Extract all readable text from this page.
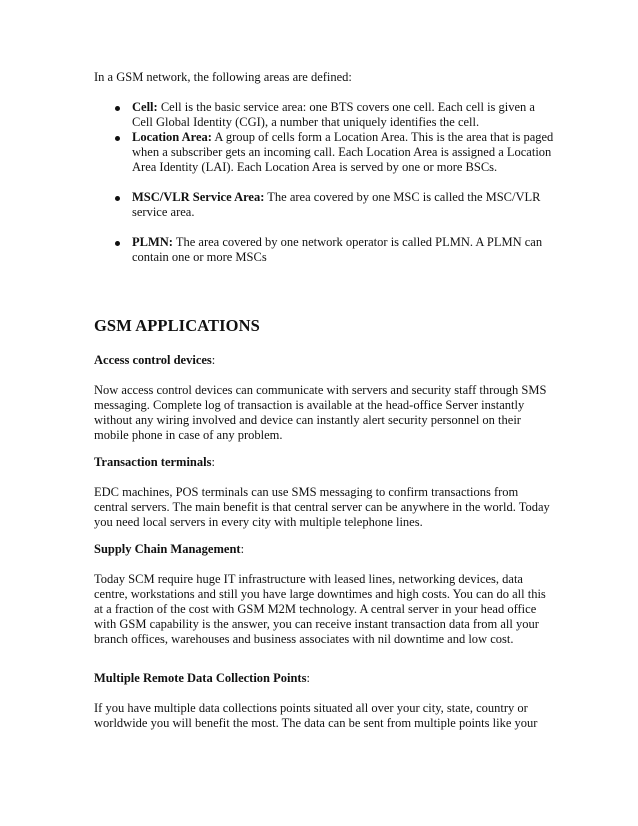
In a GSM network, the following areas are defined:

Cell: Cell is the basic service area: one BTS covers one cell. Each cell is given a Cell Global Identity (CGI), a number that uniquely identifies the cell.
Location Area: A group of cells form a Location Area. This is the area that is paged when a subscriber gets an incoming call. Each Location Area is assigned a Location Area Identity (LAI). Each Location Area is served by one or more BSCs.
MSC/VLR Service Area: The area covered by one MSC is called the MSC/VLR service area.
PLMN: The area covered by one network operator is called PLMN. A PLMN can contain one or more MSCs
GSM APPLICATIONS

Access control devices:

Now access control devices can communicate with servers and security staff through SMS messaging. Complete log of transaction is available at the head-office Server instantly without any wiring involved and device can instantly alert security personnel on their mobile phone in case of any problem.

Transaction terminals:

EDC machines, POS terminals can use SMS messaging to confirm transactions from central servers. The main benefit is that central server can be anywhere in the world. Today you need local servers in every city with multiple telephone lines.

Supply Chain Management:

Today SCM require huge IT infrastructure with leased lines, networking devices, data centre, workstations and still you have large downtimes and high costs. You can do all this at a fraction of the cost with GSM M2M technology. A central server in your head office with GSM capability is the answer, you can receive instant transaction data from all your branch offices, warehouses and business associates with nil downtime and low cost.

Multiple Remote Data Collection Points:

If you have multiple data collections points situated all over your city, state, country or worldwide you will benefit the most. The data can be sent from multiple points like your
